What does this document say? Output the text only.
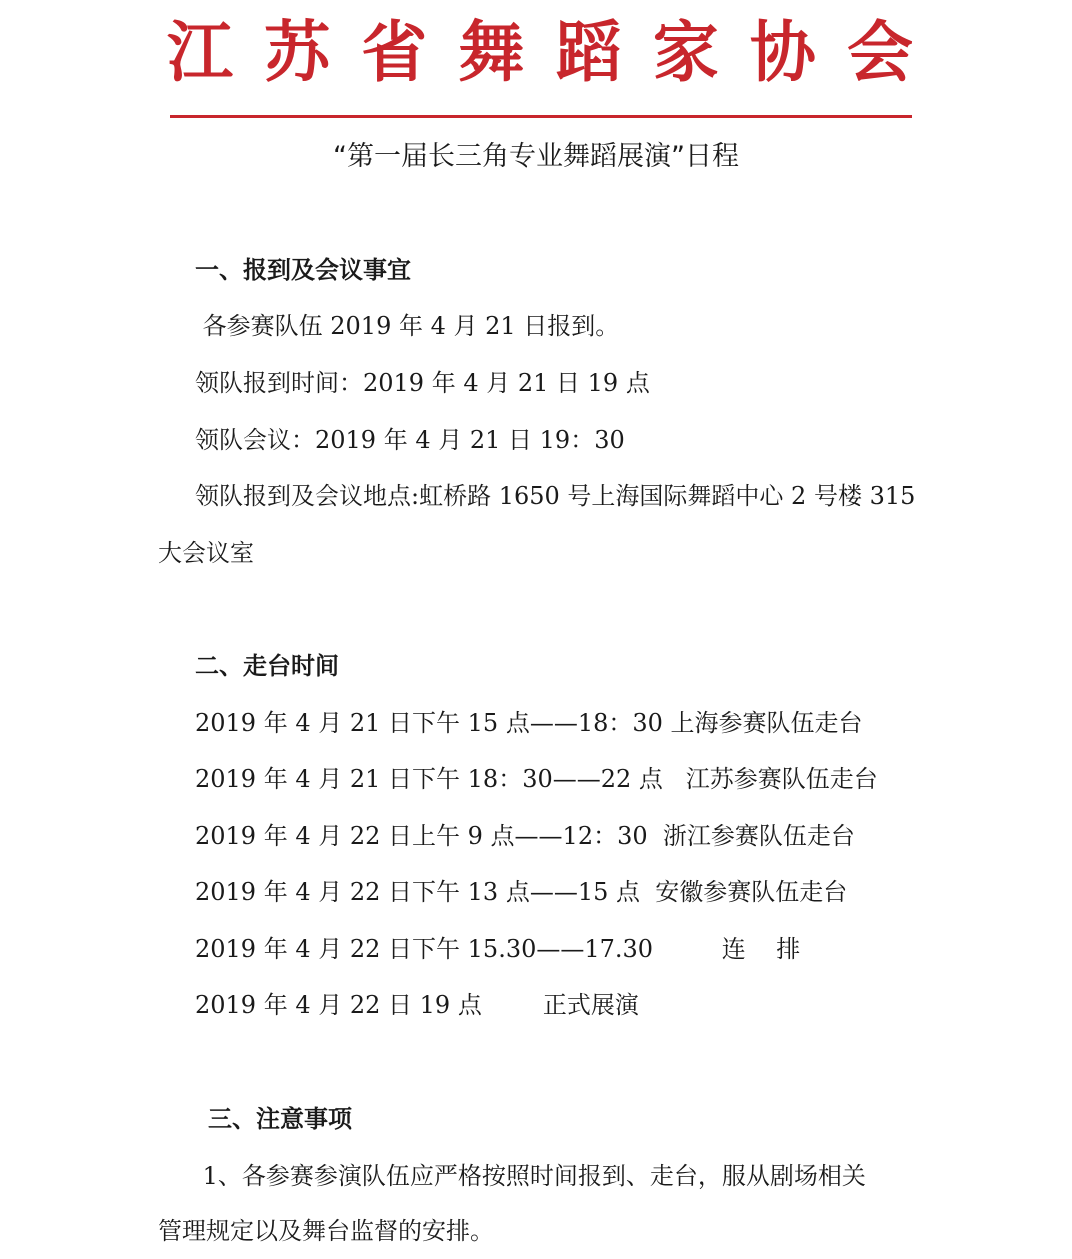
江 苏 省 舞 蹈 家 协 会
“第一届长三角专业舞蹈展演”日程
一、报到及会议事宜
各参赛队伍 2019 年 4 月 21 日报到。
领队报到时间：2019 年 4 月 21 日 19 点
领队会议：2019 年 4 月 21 日 19：30
领队报到及会议地点:虹桥路 1650 号上海国际舞蹈中心 2 号楼 315
大会议室
二、走台时间
2019 年 4 月 21 日下午 15 点——18：30 上海参赛队伍走台
2019 年 4 月 21 日下午 18：30——22 点   江苏参赛队伍走台
2019 年 4 月 22 日上午 9 点——12：30  浙江参赛队伍走台
2019 年 4 月 22 日下午 13 点——15 点  安徽参赛队伍走台
2019 年 4 月 22 日下午 15.30——17.30         连    排
2019 年 4 月 22 日 19 点        正式展演
三、注意事项
1、各参赛参演队伍应严格按照时间报到、走台，服从剧场相关
管理规定以及舞台监督的安排。
